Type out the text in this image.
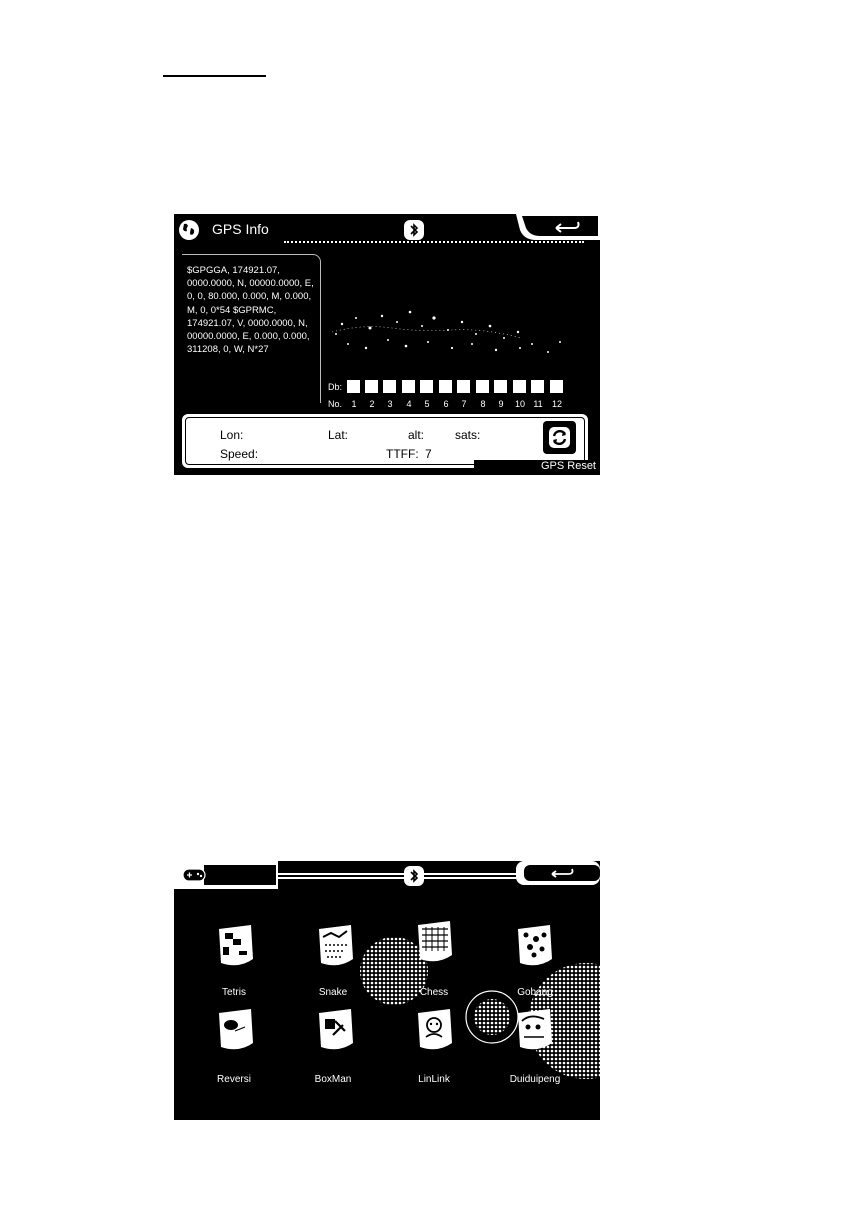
GPS Info
$GPGGA, 174921.07, 0000.0000, N, 00000.0000, E, 0, 0, 80.000, 0.000, M, 0.000, M, 0, 0*54 $GPRMC, 174921.07, V, 0000.0000, N, 00000.0000, E, 0.000, 0.000, 311208, 0, W, N*27
Db:
No.	1	2	3	4	5	6	7	8	9	10 11 12
Lon:	Lat:	alt:	sats:
Speed:	TTFF: 7
GPS Reset
Tetris	Snake	Chess	Gobang
Reversi	BoxMan	LinLink	Duiduipeng
